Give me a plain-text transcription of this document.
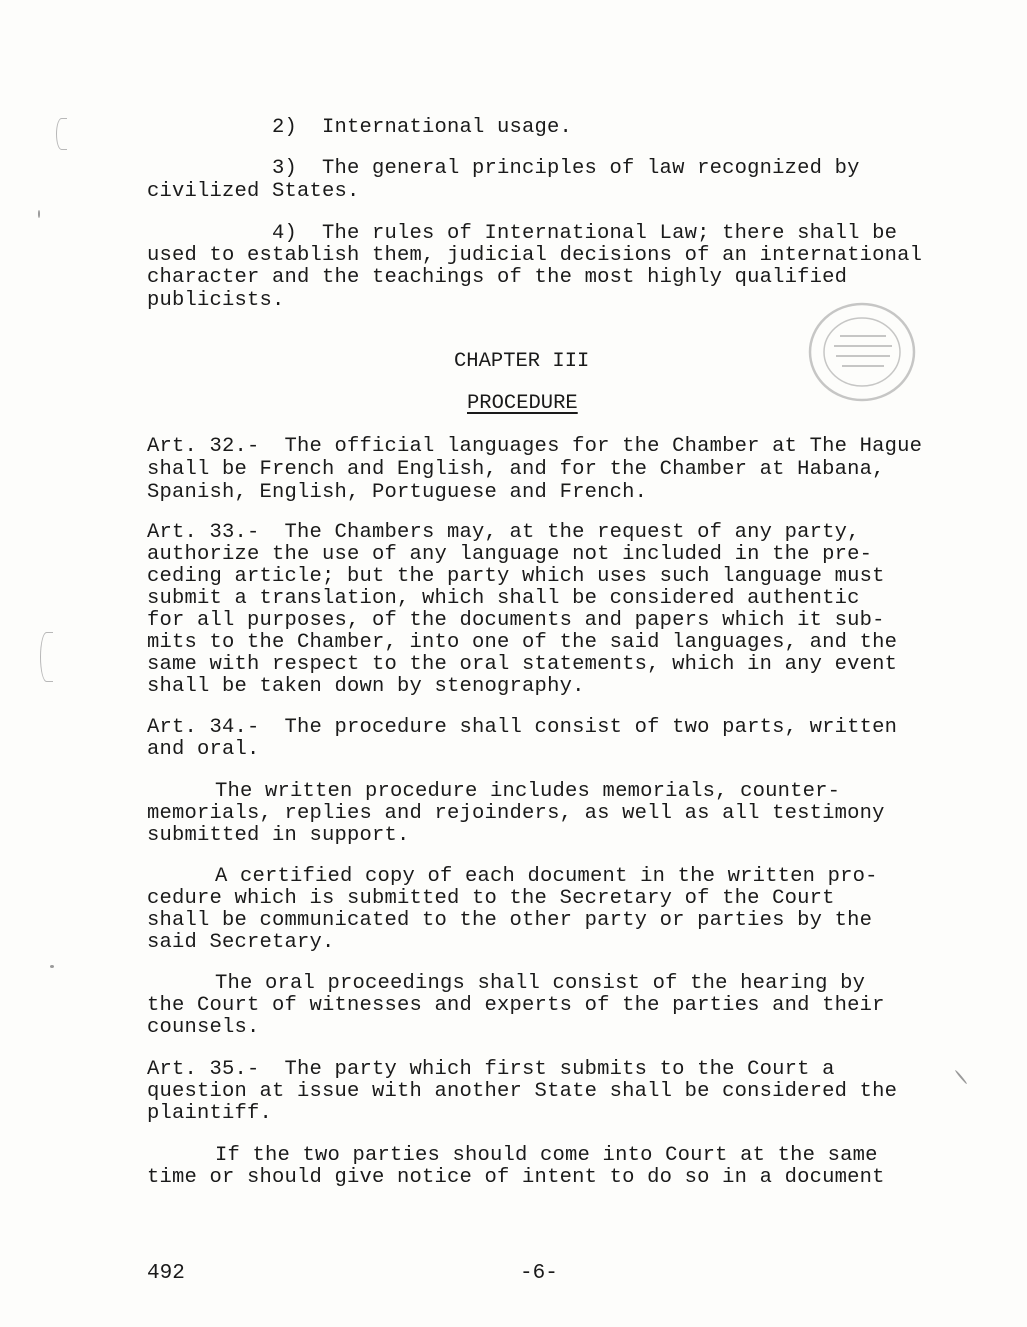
2)  International usage.
3)  The general principles of law recognized by
civilized States.
4)  The rules of International Law; there shall be
used to establish them, judicial decisions of an international
character and the teachings of the most highly qualified
publicists.
CHAPTER III
PROCEDURE
Art. 32.-  The official languages for the Chamber at The Hague
shall be French and English, and for the Chamber at Habana,
Spanish, English, Portuguese and French.
Art. 33.-  The Chambers may, at the request of any party,
authorize the use of any language not included in the pre-
ceding article; but the party which uses such language must
submit a translation, which shall be considered authentic
for all purposes, of the documents and papers which it sub-
mits to the Chamber, into one of the said languages, and the
same with respect to the oral statements, which in any event
shall be taken down by stenography.
Art. 34.-  The procedure shall consist of two parts, written
and oral.
The written procedure includes memorials, counter-
memorials, replies and rejoinders, as well as all testimony
submitted in support.
A certified copy of each document in the written pro-
cedure which is submitted to the Secretary of the Court
shall be communicated to the other party or parties by the
said Secretary.
The oral proceedings shall consist of the hearing by
the Court of witnesses and experts of the parties and their
counsels.
Art. 35.-  The party which first submits to the Court a
question at issue with another State shall be considered the
plaintiff.
If the two parties should come into Court at the same
time or should give notice of intent to do so in a document
492	-6-
